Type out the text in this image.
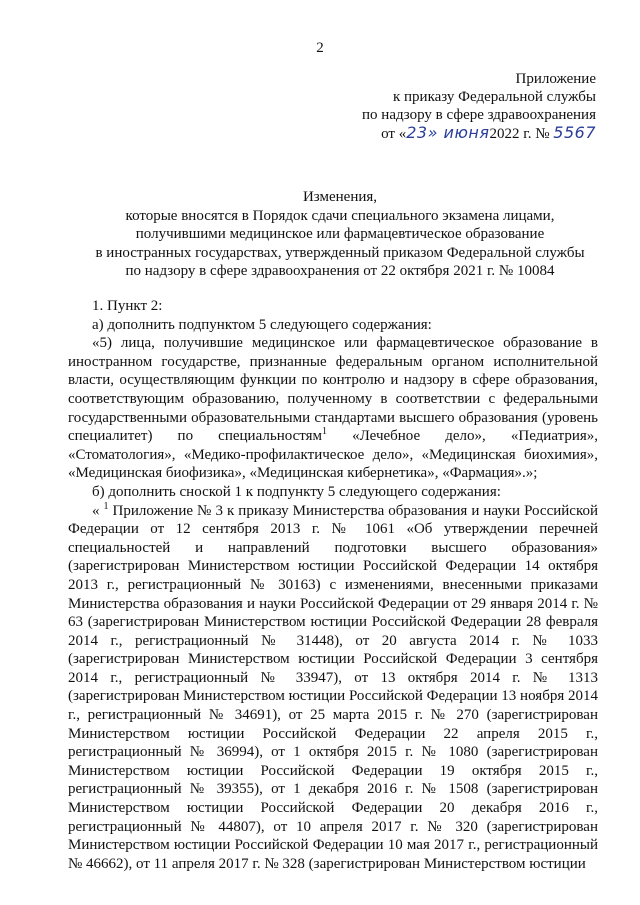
2
Приложение
к приказу Федеральной службы
по надзору в сфере здравоохранения
от «23» июня2022 г. № 5567
Изменения,
которые вносятся в Порядок сдачи специального экзамена лицами,
получившими медицинское или фармацевтическое образование
в иностранных государствах, утвержденный приказом Федеральной службы
по надзору в сфере здравоохранения от 22 октября 2021 г. № 10084
1. Пункт 2:
а) дополнить подпунктом 5 следующего содержания:
«5) лица, получившие медицинское или фармацевтическое образование в иностранном государстве, признанные федеральным органом исполнительной власти, осуществляющим функции по контролю и надзору в сфере образования, соответствующим образованию, полученному в соответствии с федеральными государственными образовательными стандартами высшего образования (уровень специалитет) по специальностям$^1$ «Лечебное дело», «Педиатрия», «Стоматология», «Медико-профилактическое дело», «Медицинская биохимия», «Медицинская биофизика», «Медицинская кибернетика», «Фармация».»;
б) дополнить сноской 1 к подпункту 5 следующего содержания:
« $^1$ Приложение № 3 к приказу Министерства образования и науки Российской Федерации от 12 сентября 2013 г. № 1061 «Об утверждении перечней специальностей и направлений подготовки высшего образования» (зарегистрирован Министерством юстиции Российской Федерации 14 октября 2013 г., регистрационный № 30163) с изменениями, внесенными приказами Министерства образования и науки Российской Федерации от 29 января 2014 г. № 63 (зарегистрирован Министерством юстиции Российской Федерации 28 февраля 2014 г., регистрационный № 31448), от 20 августа 2014 г. № 1033 (зарегистрирован Министерством юстиции Российской Федерации 3 сентября 2014 г., регистрационный № 33947), от 13 октября 2014 г. № 1313 (зарегистрирован Министерством юстиции Российской Федерации 13 ноября 2014 г., регистрационный № 34691), от 25 марта 2015 г. № 270 (зарегистрирован Министерством юстиции Российской Федерации 22 апреля 2015 г., регистрационный № 36994), от 1 октября 2015 г. № 1080 (зарегистрирован Министерством юстиции Российской Федерации 19 октября 2015 г., регистрационный № 39355), от 1 декабря 2016 г. № 1508 (зарегистрирован Министерством юстиции Российской Федерации 20 декабря 2016 г., регистрационный № 44807), от 10 апреля 2017 г. № 320 (зарегистрирован Министерством юстиции Российской Федерации 10 мая 2017 г., регистрационный № 46662), от 11 апреля 2017 г. № 328 (зарегистрирован Министерством юстиции
